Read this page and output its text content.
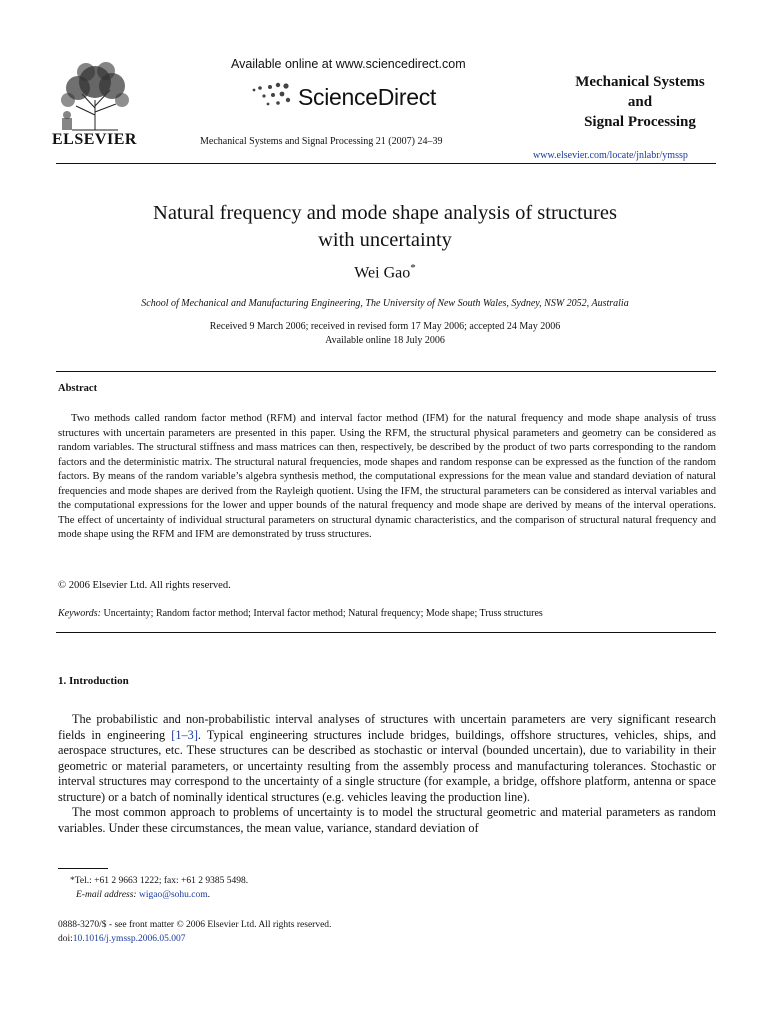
ELSEVIER
Available online at www.sciencedirect.com
ScienceDirect
Mechanical Systems and Signal Processing 21 (2007) 24–39
Mechanical Systems
and
Signal Processing
www.elsevier.com/locate/jnlabr/ymssp
Natural frequency and mode shape analysis of structures
with uncertainty
Wei Gao*
School of Mechanical and Manufacturing Engineering, The University of New South Wales, Sydney, NSW 2052, Australia
Received 9 March 2006; received in revised form 17 May 2006; accepted 24 May 2006
Available online 18 July 2006
Abstract
Two methods called random factor method (RFM) and interval factor method (IFM) for the natural frequency and mode shape analysis of truss structures with uncertain parameters are presented in this paper. Using the RFM, the structural physical parameters and geometry can be considered as random variables. The structural stiffness and mass matrices can then, respectively, be described by the product of two parts corresponding to the random factors and the deterministic matrix. The structural natural frequencies, mode shapes and random response can be expressed as the function of the random factors. By means of the random variable’s algebra synthesis method, the computational expressions for the mean value and standard deviation of natural frequencies and mode shapes are derived from the Rayleigh quotient. Using the IFM, the structural parameters can be considered as interval variables and the computational expressions for the lower and upper bounds of the natural frequency and mode shape are derived by means of the interval operations. The effect of uncertainty of individual structural parameters on structural dynamic characteristics, and the comparison of structural natural frequency and mode shape using the RFM and IFM are demonstrated by truss structures.
© 2006 Elsevier Ltd. All rights reserved.
Keywords: Uncertainty; Random factor method; Interval factor method; Natural frequency; Mode shape; Truss structures
1. Introduction

The probabilistic and non-probabilistic interval analyses of structures with uncertain parameters are very significant research fields in engineering [1–3]. Typical engineering structures include bridges, buildings, offshore structures, vehicles, ships, and aerospace structures, etc. These structures can be described as stochastic or interval (bounded uncertain), due to variability in their geometric or material parameters, or uncertainty resulting from the assembly process and manufacturing tolerances. Stochastic or interval structures may correspond to the uncertainty of a single structure (for example, a bridge, offshore platform, antenna or space structure) or a batch of nominally identical structures (e.g. vehicles leaving the production line).

The most common approach to problems of uncertainty is to model the structural geometric and material parameters as random variables. Under these circumstances, the mean value, variance, standard deviation of

*Tel.: +61 2 9663 1222; fax: +61 2 9385 5498.
E-mail address: wigao@sohu.com.
0888-3270/$ - see front matter © 2006 Elsevier Ltd. All rights reserved.
doi:10.1016/j.ymssp.2006.05.007
